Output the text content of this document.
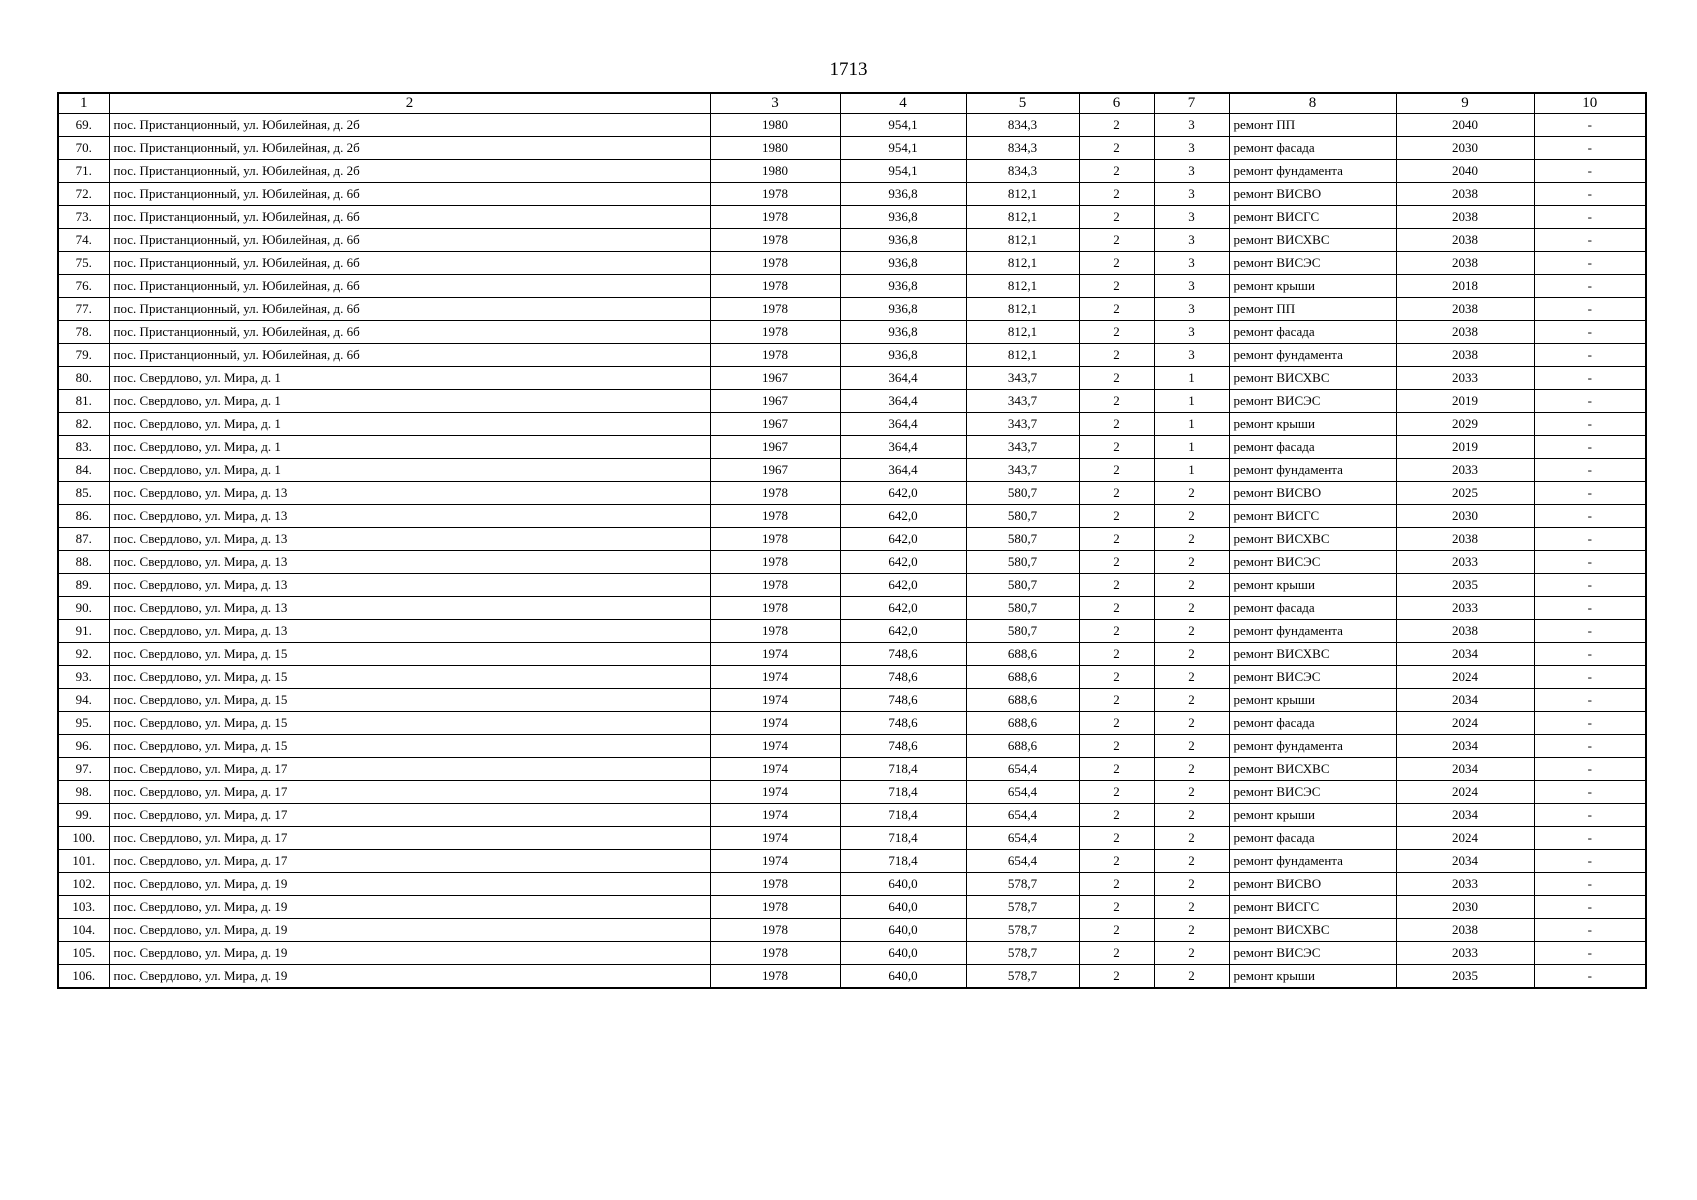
1713
1	2	3	4	5	6	7	8	9	10
69.	пос. Пристанционный, ул. Юбилейная, д. 2б	1980	954,1	834,3	2	3	ремонт ПП	2040	-
70.	пос. Пристанционный, ул. Юбилейная, д. 2б	1980	954,1	834,3	2	3	ремонт фасада	2030	-
71.	пос. Пристанционный, ул. Юбилейная, д. 2б	1980	954,1	834,3	2	3	ремонт фундамента	2040	-
72.	пос. Пристанционный, ул. Юбилейная, д. 6б	1978	936,8	812,1	2	3	ремонт ВИСВО	2038	-
73.	пос. Пристанционный, ул. Юбилейная, д. 6б	1978	936,8	812,1	2	3	ремонт ВИСГС	2038	-
74.	пос. Пристанционный, ул. Юбилейная, д. 6б	1978	936,8	812,1	2	3	ремонт ВИСХВС	2038	-
75.	пос. Пристанционный, ул. Юбилейная, д. 6б	1978	936,8	812,1	2	3	ремонт ВИСЭС	2038	-
76.	пос. Пристанционный, ул. Юбилейная, д. 6б	1978	936,8	812,1	2	3	ремонт крыши	2018	-
77.	пос. Пристанционный, ул. Юбилейная, д. 6б	1978	936,8	812,1	2	3	ремонт ПП	2038	-
78.	пос. Пристанционный, ул. Юбилейная, д. 6б	1978	936,8	812,1	2	3	ремонт фасада	2038	-
79.	пос. Пристанционный, ул. Юбилейная, д. 6б	1978	936,8	812,1	2	3	ремонт фундамента	2038	-
80.	пос. Свердлово, ул. Мира, д. 1	1967	364,4	343,7	2	1	ремонт ВИСХВС	2033	-
81.	пос. Свердлово, ул. Мира, д. 1	1967	364,4	343,7	2	1	ремонт ВИСЭС	2019	-
82.	пос. Свердлово, ул. Мира, д. 1	1967	364,4	343,7	2	1	ремонт крыши	2029	-
83.	пос. Свердлово, ул. Мира, д. 1	1967	364,4	343,7	2	1	ремонт фасада	2019	-
84.	пос. Свердлово, ул. Мира, д. 1	1967	364,4	343,7	2	1	ремонт фундамента	2033	-
85.	пос. Свердлово, ул. Мира, д. 13	1978	642,0	580,7	2	2	ремонт ВИСВО	2025	-
86.	пос. Свердлово, ул. Мира, д. 13	1978	642,0	580,7	2	2	ремонт ВИСГС	2030	-
87.	пос. Свердлово, ул. Мира, д. 13	1978	642,0	580,7	2	2	ремонт ВИСХВС	2038	-
88.	пос. Свердлово, ул. Мира, д. 13	1978	642,0	580,7	2	2	ремонт ВИСЭС	2033	-
89.	пос. Свердлово, ул. Мира, д. 13	1978	642,0	580,7	2	2	ремонт крыши	2035	-
90.	пос. Свердлово, ул. Мира, д. 13	1978	642,0	580,7	2	2	ремонт фасада	2033	-
91.	пос. Свердлово, ул. Мира, д. 13	1978	642,0	580,7	2	2	ремонт фундамента	2038	-
92.	пос. Свердлово, ул. Мира, д. 15	1974	748,6	688,6	2	2	ремонт ВИСХВС	2034	-
93.	пос. Свердлово, ул. Мира, д. 15	1974	748,6	688,6	2	2	ремонт ВИСЭС	2024	-
94.	пос. Свердлово, ул. Мира, д. 15	1974	748,6	688,6	2	2	ремонт крыши	2034	-
95.	пос. Свердлово, ул. Мира, д. 15	1974	748,6	688,6	2	2	ремонт фасада	2024	-
96.	пос. Свердлово, ул. Мира, д. 15	1974	748,6	688,6	2	2	ремонт фундамента	2034	-
97.	пос. Свердлово, ул. Мира, д. 17	1974	718,4	654,4	2	2	ремонт ВИСХВС	2034	-
98.	пос. Свердлово, ул. Мира, д. 17	1974	718,4	654,4	2	2	ремонт ВИСЭС	2024	-
99.	пос. Свердлово, ул. Мира, д. 17	1974	718,4	654,4	2	2	ремонт крыши	2034	-
100.	пос. Свердлово, ул. Мира, д. 17	1974	718,4	654,4	2	2	ремонт фасада	2024	-
101.	пос. Свердлово, ул. Мира, д. 17	1974	718,4	654,4	2	2	ремонт фундамента	2034	-
102.	пос. Свердлово, ул. Мира, д. 19	1978	640,0	578,7	2	2	ремонт ВИСВО	2033	-
103.	пос. Свердлово, ул. Мира, д. 19	1978	640,0	578,7	2	2	ремонт ВИСГС	2030	-
104.	пос. Свердлово, ул. Мира, д. 19	1978	640,0	578,7	2	2	ремонт ВИСХВС	2038	-
105.	пос. Свердлово, ул. Мира, д. 19	1978	640,0	578,7	2	2	ремонт ВИСЭС	2033	-
106.	пос. Свердлово, ул. Мира, д. 19	1978	640,0	578,7	2	2	ремонт крыши	2035	-
